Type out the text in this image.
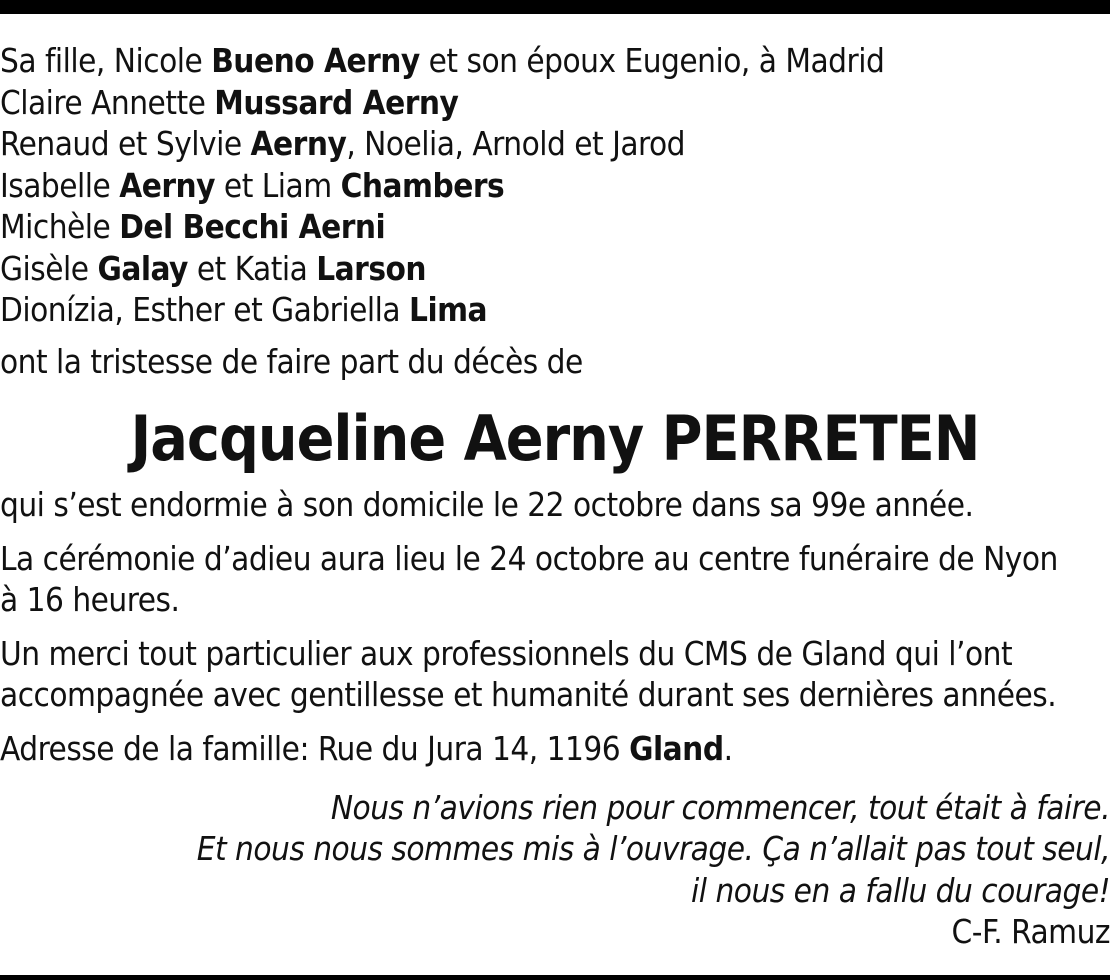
Sa fille, Nicole Bueno Aerny et son époux Eugenio, à Madrid
Claire Annette Mussard Aerny
Renaud et Sylvie Aerny, Noelia, Arnold et Jarod
Isabelle Aerny et Liam Chambers
Michèle Del Becchi Aerni
Gisèle Galay et Katia Larson
Dionízia, Esther et Gabriella Lima
ont la tristesse de faire part du décès de
Jacqueline Aerny PERRETEN
qui s’est endormie à son domicile le 22 octobre dans sa 99e année.
La cérémonie d’adieu aura lieu le 24 octobre au centre funéraire de Nyon
à 16 heures.
Un merci tout particulier aux professionnels du CMS de Gland qui l’ont
accompagnée avec gentillesse et humanité durant ses dernières années.
Adresse de la famille: Rue du Jura 14, 1196 Gland.
Nous n’avions rien pour commencer, tout était à faire.
Et nous nous sommes mis à l’ouvrage. Ça n’allait pas tout seul,
il nous en a fallu du courage!
C-F. Ramuz
